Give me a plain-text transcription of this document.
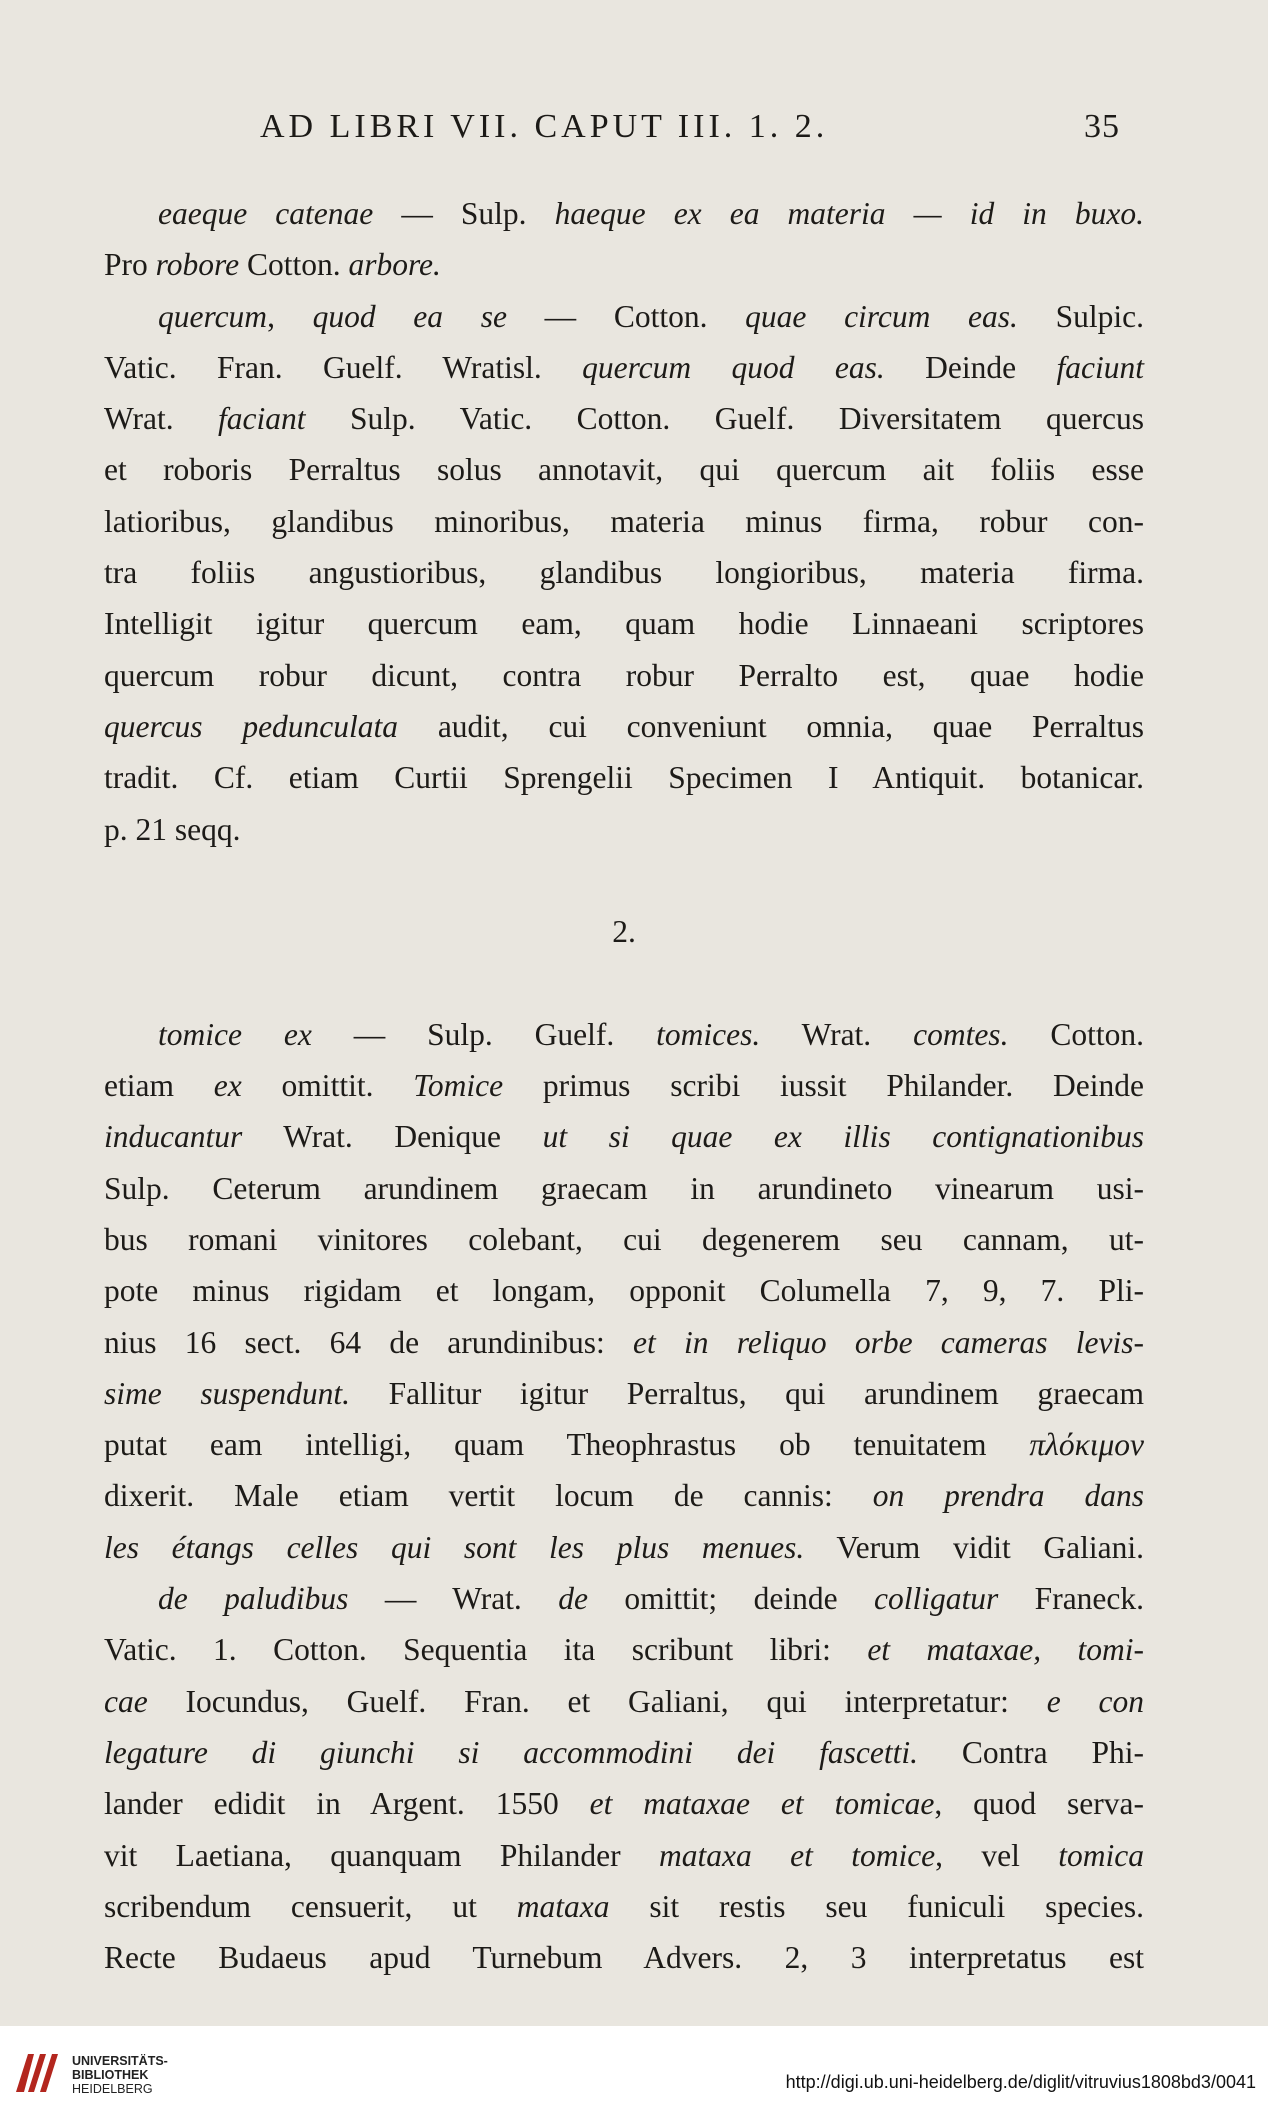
AD LIBRI VII. CAPUT III. 1. 2.	35
eaeque catenae — Sulp. haeque ex ea materia — id in buxo.
Pro robore Cotton. arbore.
quercum, quod ea se — Cotton. quae circum eas. Sulpic.
Vatic. Fran. Guelf. Wratisl. quercum quod eas. Deinde faciunt
Wrat. faciant Sulp. Vatic. Cotton. Guelf. Diversitatem quercus
et roboris Perraltus solus annotavit, qui quercum ait foliis esse
latioribus, glandibus minoribus, materia minus firma, robur con-
tra foliis angustioribus, glandibus longioribus, materia firma.
Intelligit igitur quercum eam, quam hodie Linnaeani scriptores
quercum robur dicunt, contra robur Perralto est, quae hodie
quercus pedunculata audit, cui conveniunt omnia, quae Perraltus
tradit. Cf. etiam Curtii Sprengelii Specimen I Antiquit. botanicar.
p. 21 seqq.
2.
tomice ex — Sulp. Guelf. tomices. Wrat. comtes. Cotton.
etiam ex omittit. Tomice primus scribi iussit Philander. Deinde
inducantur Wrat. Denique ut si quae ex illis contignationibus
Sulp. Ceterum arundinem graecam in arundineto vinearum usi-
bus romani vinitores colebant, cui degenerem seu cannam, ut-
pote minus rigidam et longam, opponit Columella 7, 9, 7. Pli-
nius 16 sect. 64 de arundinibus: et in reliquo orbe cameras levis-
sime suspendunt. Fallitur igitur Perraltus, qui arundinem graecam
putat eam intelligi, quam Theophrastus ob tenuitatem πλόκιμον
dixerit. Male etiam vertit locum de cannis: on prendra dans
les étangs celles qui sont les plus menues. Verum vidit Galiani.
de paludibus — Wrat. de omittit; deinde colligatur Franeck.
Vatic. 1. Cotton. Sequentia ita scribunt libri: et mataxae, tomi-
cae Iocundus, Guelf. Fran. et Galiani, qui interpretatur: e con
legature di giunchi si accommodini dei fascetti. Contra Phi-
lander edidit in Argent. 1550 et mataxae et tomicae, quod serva-
vit Laetiana, quanquam Philander mataxa et tomice, vel tomica
scribendum censuerit, ut mataxa sit restis seu funiculi species.
Recte Budaeus apud Turnebum Advers. 2, 3 interpretatus est
UNIVERSITÄTS-
BIBLIOTHEK
HEIDELBERG	http://digi.ub.uni-heidelberg.de/diglit/vitruvius1808bd3/0041
